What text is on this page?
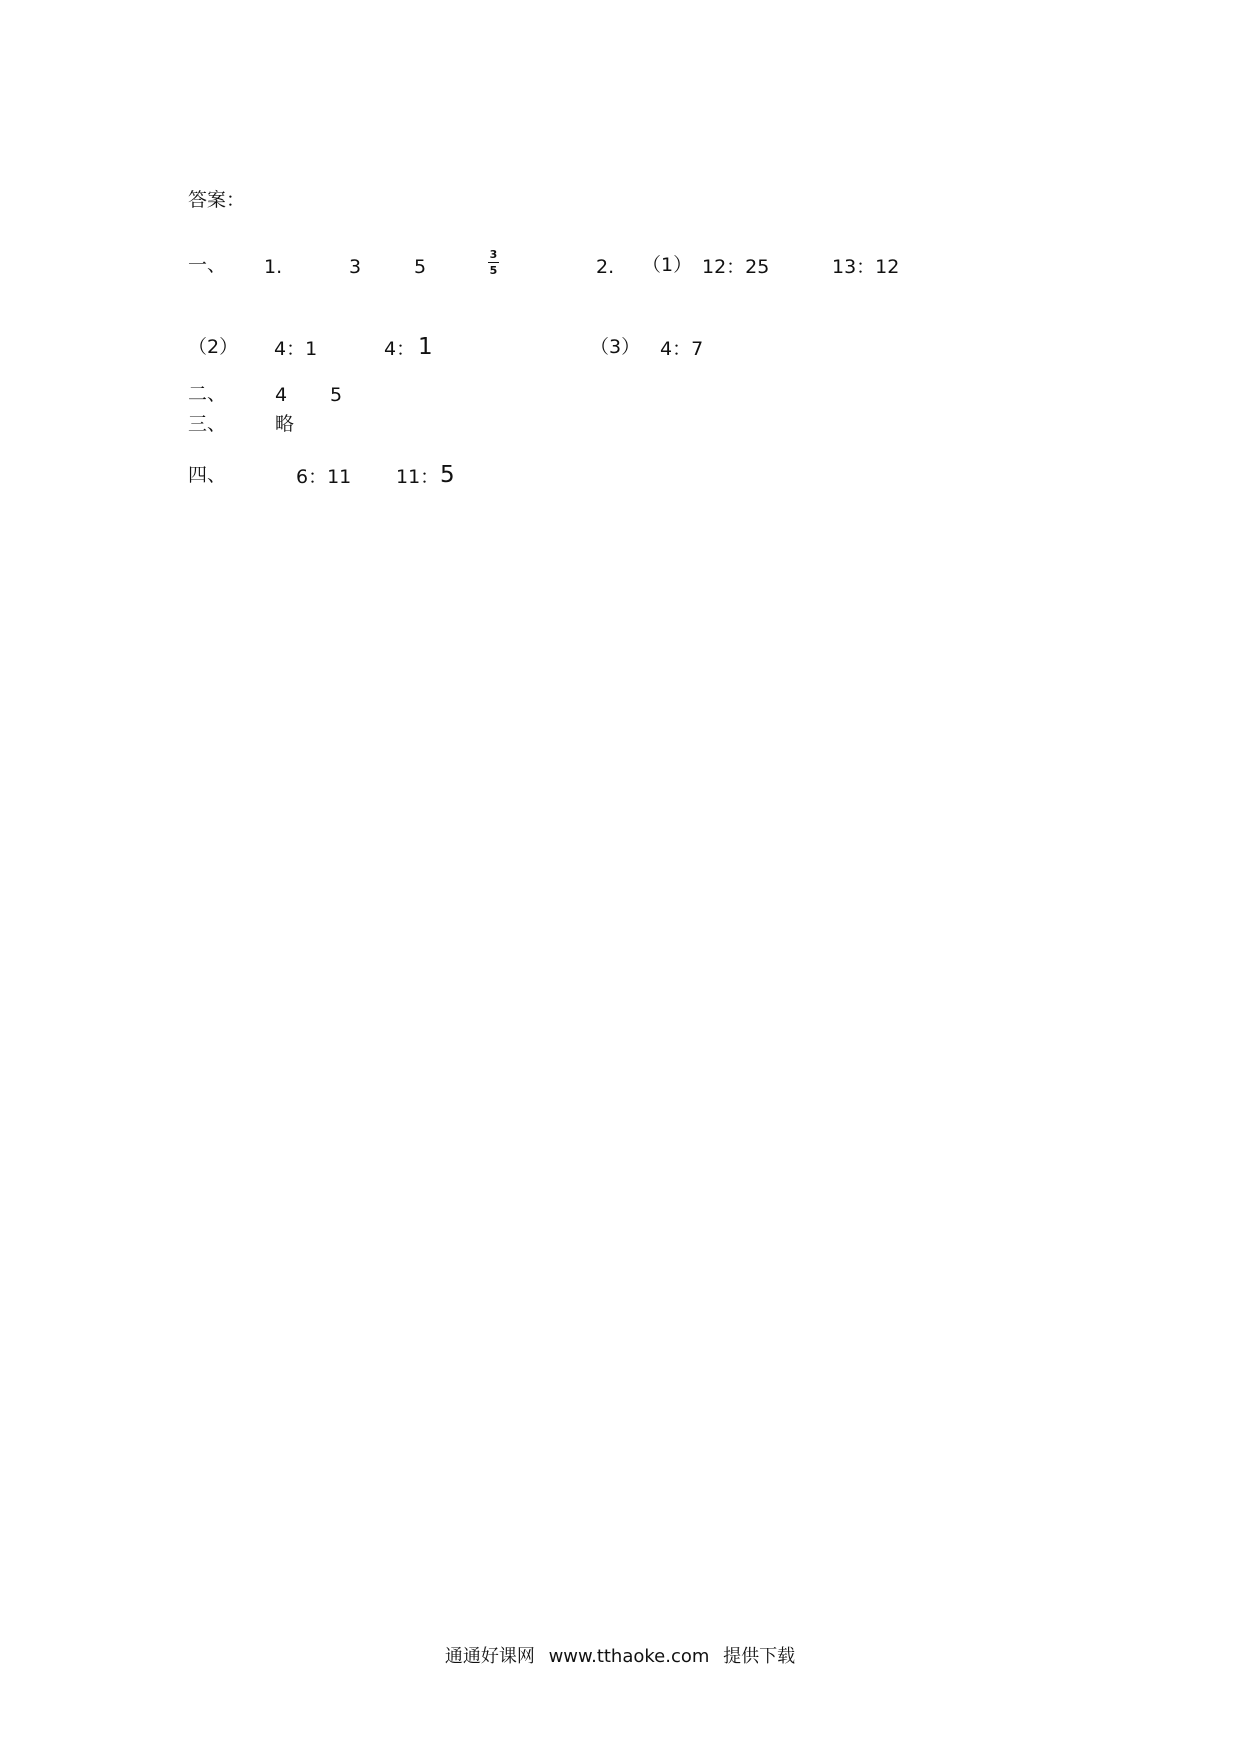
答案：
一、 1.	3	5
3
5	2. （1） 12：25	13：12
（2） 4：1	4： 1	（3） 4：7
二、	4 5
三、	略
四、	6：11 11： 5
通通好课网 www.tthaoke.com 提供下载
